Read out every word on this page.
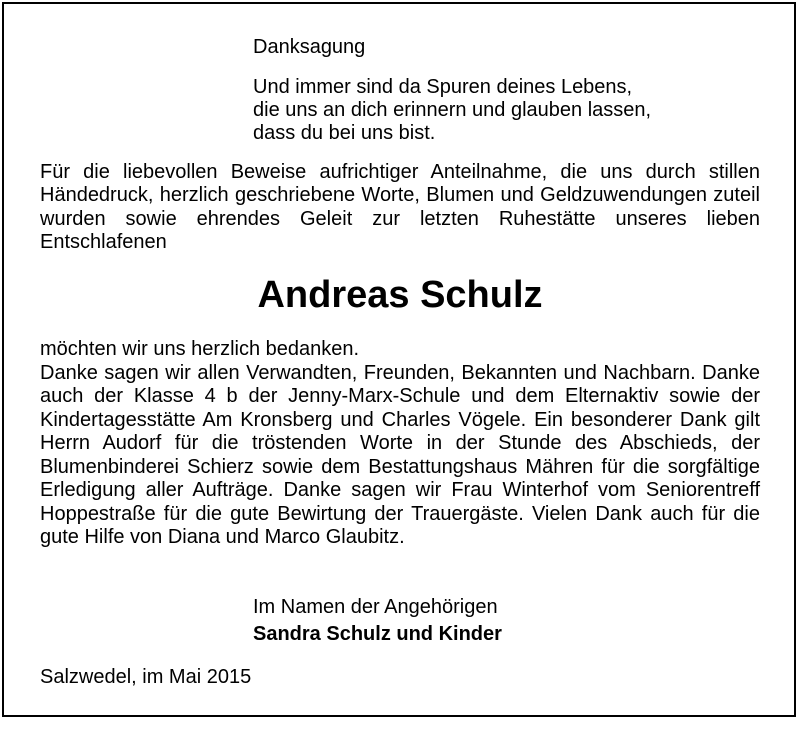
Danksagung
Und immer sind da Spuren deines Lebens,
die uns an dich erinnern und glauben lassen,
dass du bei uns bist.

Für die liebevollen Beweise aufrichtiger Anteilnahme, die uns durch stillen Händedruck, herzlich geschriebene Worte, Blumen und Geldzuwendungen zuteil wurden sowie ehrendes Geleit zur letzten Ruhestätte unseres lieben Entschlafenen

Andreas Schulz
möchten wir uns herzlich bedanken.
Danke sagen wir allen Verwandten, Freunden, Bekannten und Nachbarn. Danke auch der Klasse 4 b der Jenny-Marx-Schule und dem Elternaktiv sowie der Kindertagesstätte Am Kronsberg und Charles Vögele. Ein besonderer Dank gilt Herrn Audorf für die tröstenden Worte in der Stunde des Abschieds, der Blumenbinderei Schierz sowie dem Bestattungshaus Mähren für die sorgfältige Erledigung aller Aufträge. Danke sagen wir Frau Winterhof vom Seniorentreff Hoppestraße für die gute Bewirtung der Trauergäste. Vielen Dank auch für die gute Hilfe von Diana und Marco Glaubitz.

Im Namen der Angehörigen

Sandra Schulz und Kinder

Salzwedel, im Mai 2015
